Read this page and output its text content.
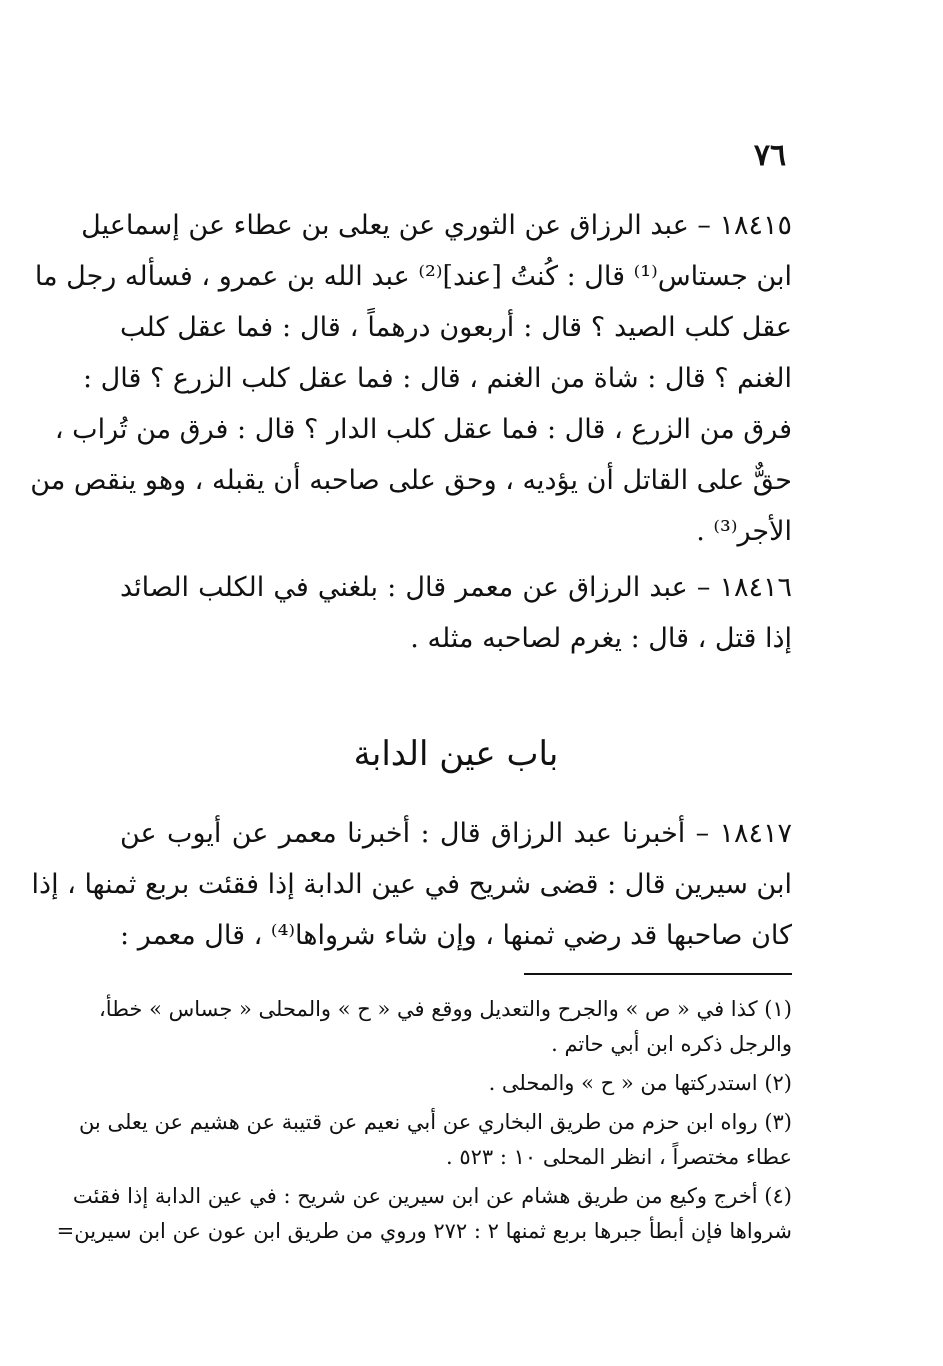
٧٦
١٨٤١٥ – عبد الرزاق عن الثوري عن يعلى بن عطاء عن إسماعيل
ابن جستاس⁽¹⁾ قال : كُنتُ [عند]⁽²⁾ عبد الله بن عمرو ، فسأله رجل ما
عقل كلب الصيد ؟ قال : أربعون درهماً ، قال : فما عقل كلب
الغنم ؟ قال : شاة من الغنم ، قال : فما عقل كلب الزرع ؟ قال :
فرق من الزرع ، قال : فما عقل كلب الدار ؟ قال : فرق من تُراب ،
حقٌّ على القاتل أن يؤديه ، وحق على صاحبه أن يقبله ، وهو ينقص من
الأجر⁽³⁾ .
١٨٤١٦ – عبد الرزاق عن معمر قال : بلغني في الكلب الصائد
إذا قتل ، قال : يغرم لصاحبه مثله .
باب عين الدابة
١٨٤١٧ – أخبرنا عبد الرزاق قال : أخبرنا معمر عن أيوب عن
ابن سيرين قال : قضى شريح في عين الدابة إذا فقئت بربع ثمنها ، إذا
كان صاحبها قد رضي ثمنها ، وإن شاء شرواها⁽⁴⁾ ، قال معمر :
(١) كذا في « ص » والجرح والتعديل ووقع في « ح » والمحلى « جساس » خطأ،
والرجل ذكره ابن أبي حاتم .
(٢) استدركتها من « ح » والمحلى .
(٣) رواه ابن حزم من طريق البخاري عن أبي نعيم عن قتيبة عن هشيم عن يعلى بن
عطاء مختصراً ، انظر المحلى ١٠ : ٥٢٣ .
(٤) أخرج وكيع من طريق هشام عن ابن سيرين عن شريح : في عين الدابة إذا فقئت
شرواها فإن أبطأ جبرها بربع ثمنها ٢ : ٢٧٢ وروي من طريق ابن عون عن ابن سيرين=
